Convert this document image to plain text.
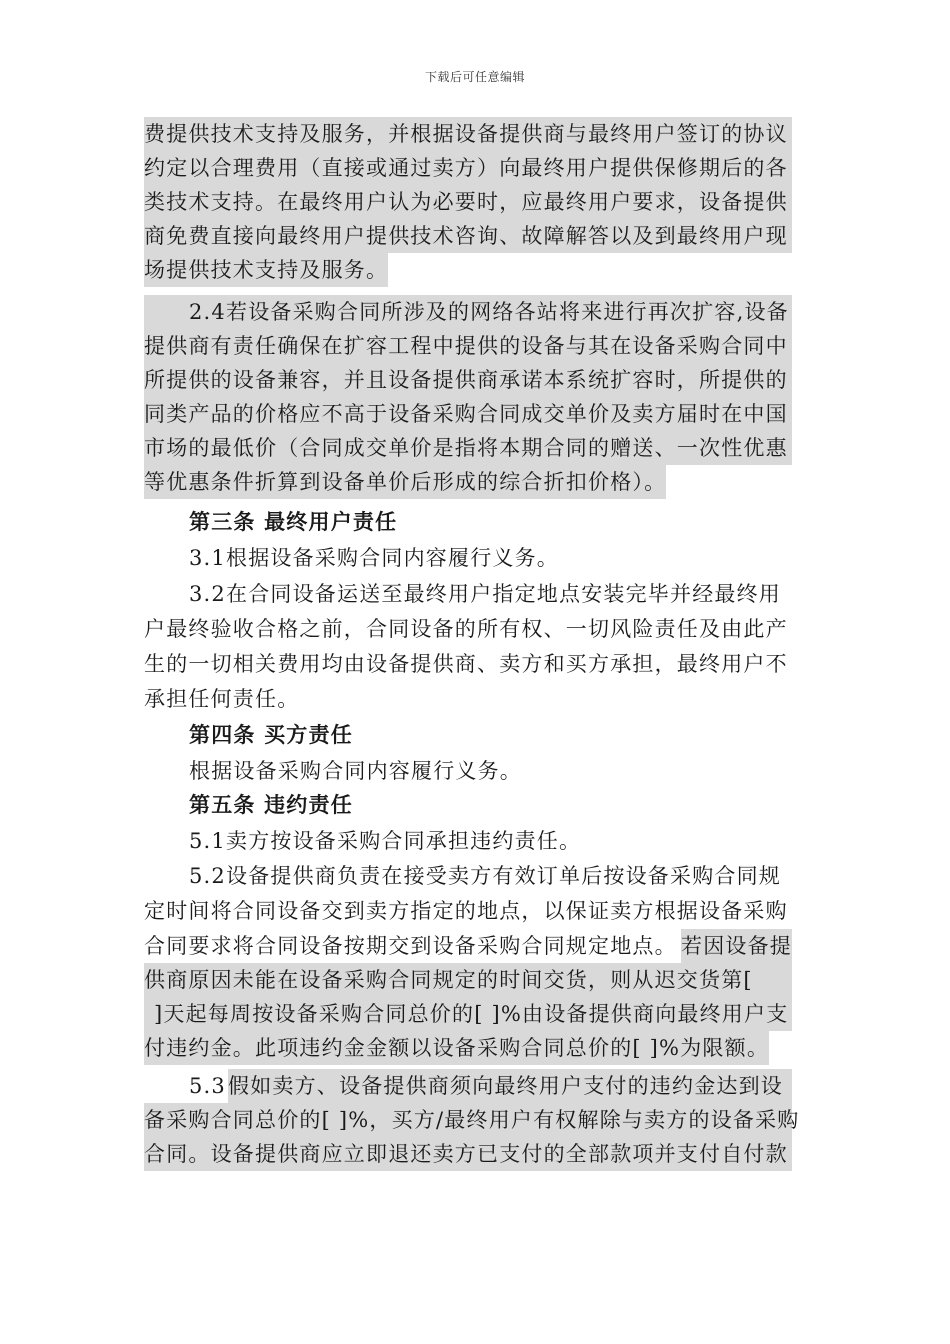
下载后可任意编辑
费提供技术支持及服务，并根据设备提供商与最终用户签订的协议
约定以合理费用（直接或通过卖方）向最终用户提供保修期后的各
类技术支持。在最终用户认为必要时，应最终用户要求，设备提供
商免费直接向最终用户提供技术咨询、故障解答以及到最终用户现
场提供技术支持及服务。
2.4若设备采购合同所涉及的网络各站将来进行再次扩容,设备
提供商有责任确保在扩容工程中提供的设备与其在设备采购合同中
所提供的设备兼容，并且设备提供商承诺本系统扩容时，所提供的
同类产品的价格应不高于设备采购合同成交单价及卖方届时在中国
市场的最低价（合同成交单价是指将本期合同的赠送、一次性优惠
等优惠条件折算到设备单价后形成的综合折扣价格）。
第三条 最终用户责任
3.1根据设备采购合同内容履行义务。
3.2在合同设备运送至最终用户指定地点安装完毕并经最终用
户最终验收合格之前，合同设备的所有权、一切风险责任及由此产
生的一切相关费用均由设备提供商、卖方和买方承担，最终用户不
承担任何责任。
第四条 买方责任
根据设备采购合同内容履行义务。
第五条 违约责任
5.1卖方按设备采购合同承担违约责任。
5.2设备提供商负责在接受卖方有效订单后按设备采购合同规
定时间将合同设备交到卖方指定的地点，以保证卖方根据设备采购
合同要求将合同设备按期交到设备采购合同规定地点。 若因设备提
供商原因未能在设备采购合同规定的时间交货，则从迟交货第[
]天起每周按设备采购合同总价的[ ]%由设备提供商向最终用户支
付违约金。此项违约金金额以设备采购合同总价的[ ]%为限额。
5.3 假如卖方、设备提供商须向最终用户支付的违约金达到设
备采购合同总价的[ ]%，买方/最终用户有权解除与卖方的设备采购
合同。设备提供商应立即退还卖方已支付的全部款项并支付自付款
